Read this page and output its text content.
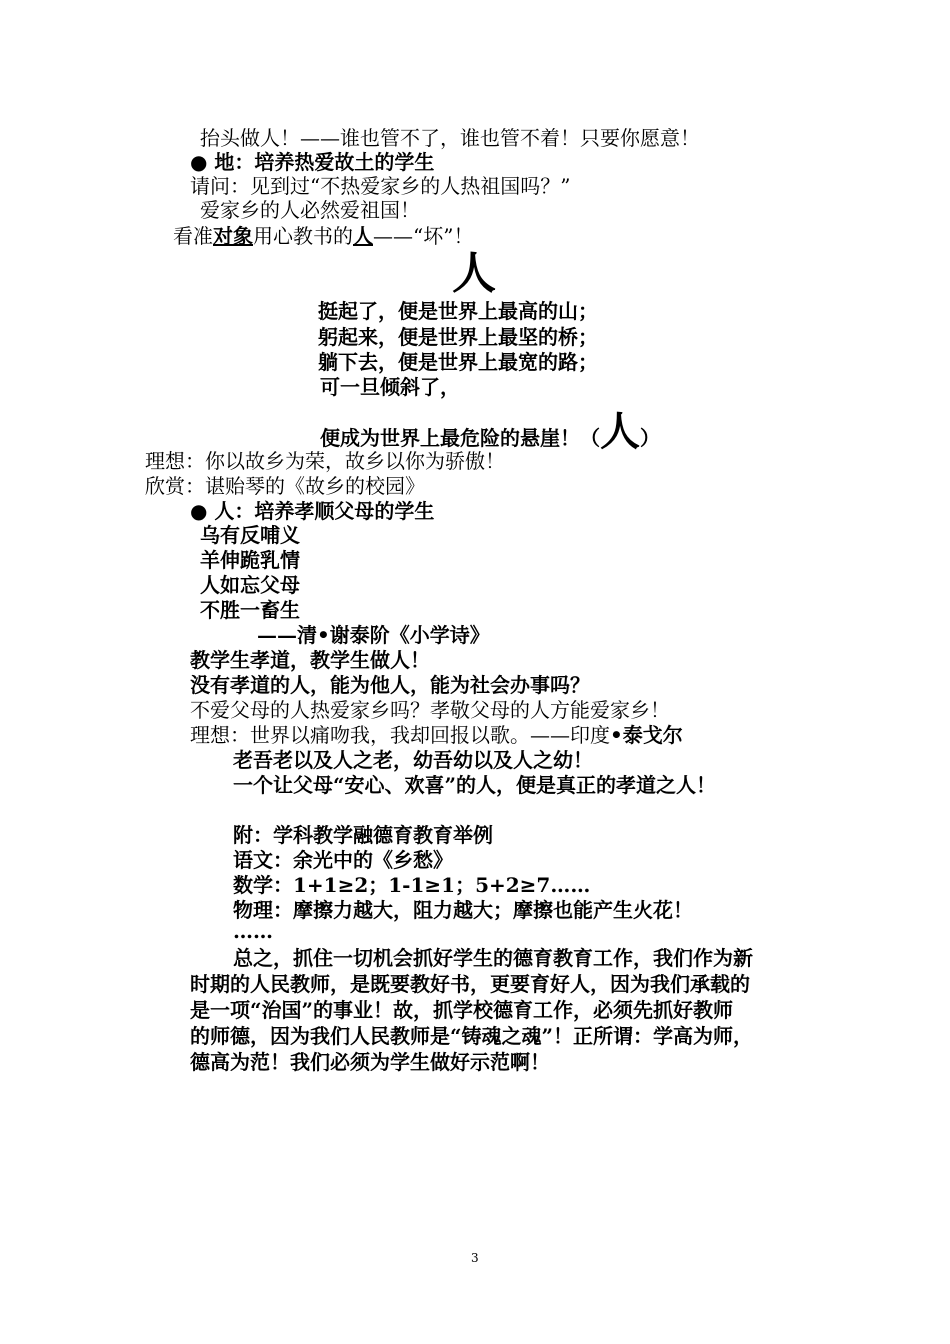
抬头做人！——谁也管不了，谁也管不着！只要你愿意！
● 地：培养热爱故土的学生
请问：见到过“不热爱家乡的人热祖国吗？”
爱家乡的人必然爱祖国！
看准对象用心教书的人——“坏”！
人
挺起了，便是世界上最高的山；
躬起来，便是世界上最坚的桥；
躺下去，便是世界上最宽的路；
可一旦倾斜了，
便成为世界上最危险的悬崖！（人）
理想：你以故乡为荣，故乡以你为骄傲！
欣赏：谌贻琴的《故乡的校园》
● 人：培养孝顺父母的学生
乌有反哺义
羊伸跪乳情
人如忘父母
不胜一畜生
——清•谢泰阶《小学诗》
教学生孝道，教学生做人！
没有孝道的人，能为他人，能为社会办事吗？
不爱父母的人热爱家乡吗？孝敬父母的人方能爱家乡！
理想：世界以痛吻我，我却回报以歌。——印度•泰戈尔
老吾老以及人之老，幼吾幼以及人之幼！
一个让父母“安心、欢喜”的人，便是真正的孝道之人！
附：学科教学融德育教育举例
语文：余光中的《乡愁》
数学：1+1≥2；1-1≥1；5+2≥7……
物理：摩擦力越大，阻力越大；摩擦也能产生火花！
……
总之，抓住一切机会抓好学生的德育教育工作，我们作为新
时期的人民教师，是既要教好书，更要育好人，因为我们承载的
是一项“治国”的事业！故，抓学校德育工作，必须先抓好教师
的师德，因为我们人民教师是“铸魂之魂”！正所谓：学高为师，
德高为范！我们必须为学生做好示范啊！
3
